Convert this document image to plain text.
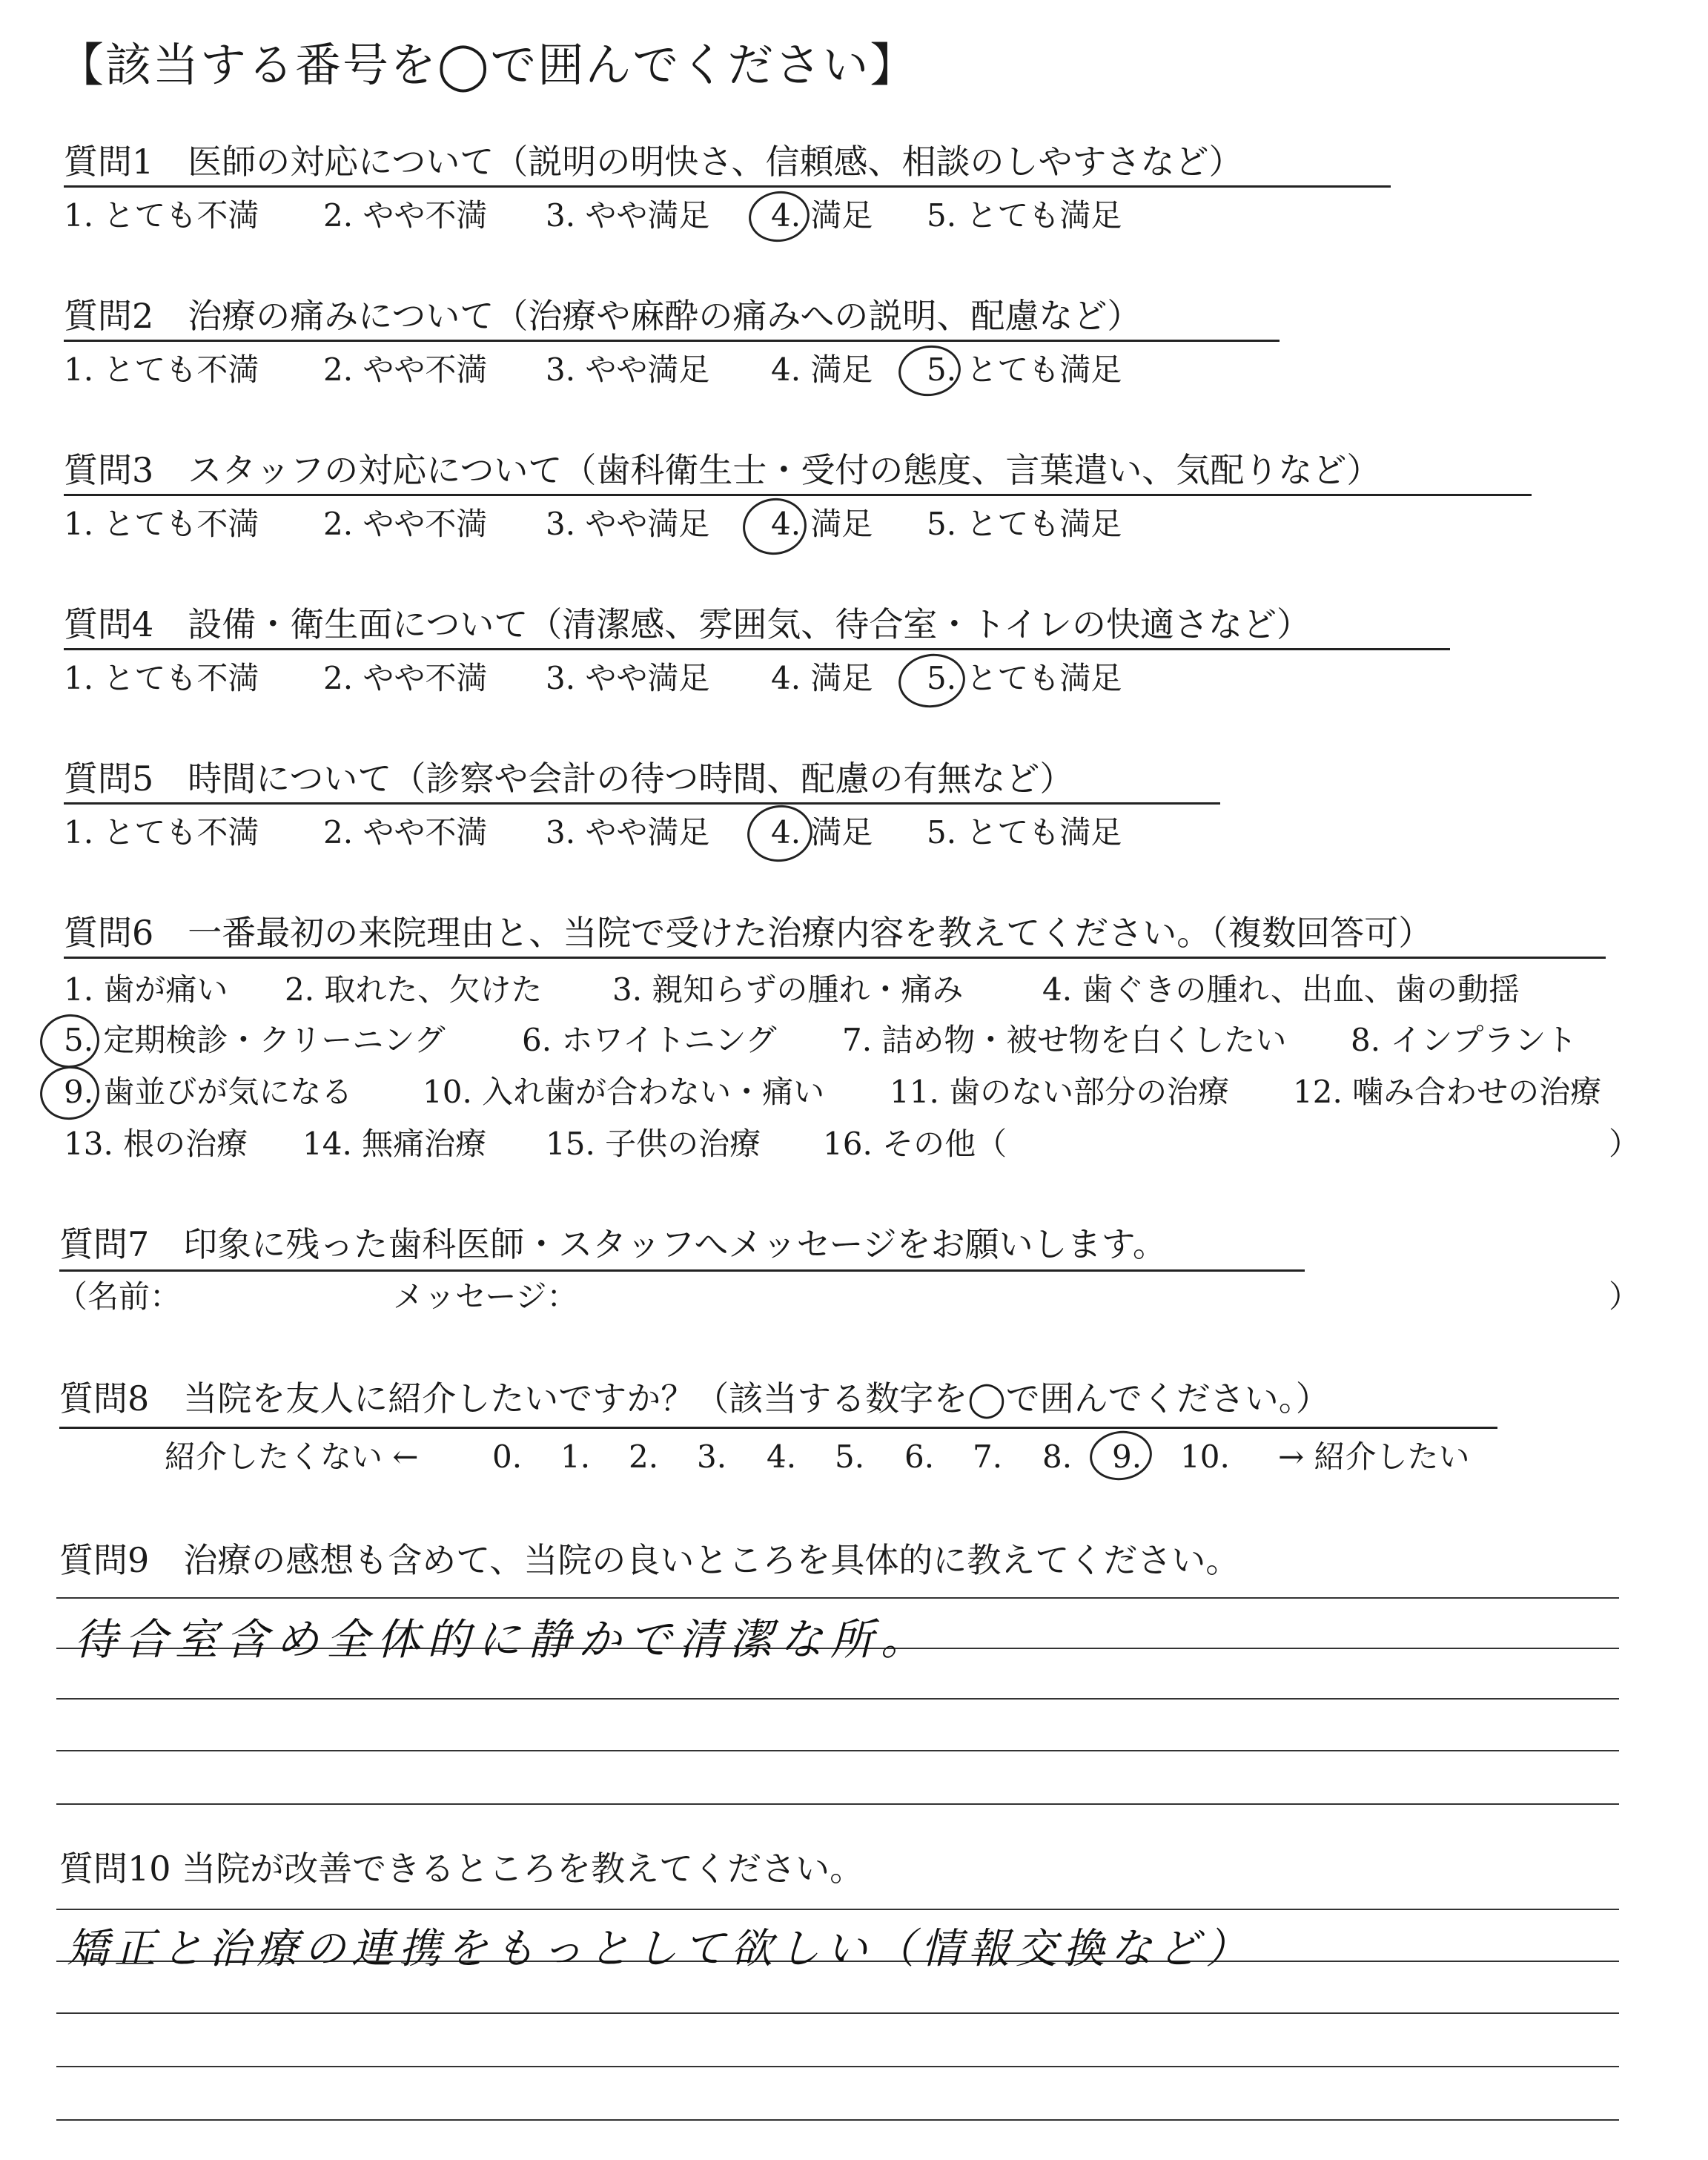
【該当する番号を◯で囲んでください】
質問1　医師の対応について（説明の明快さ、信頼感、相談のしやすさなど）
1. とても不満 2. やや不満 3. やや満足 4. 満足 5. とても満足
質問2　治療の痛みについて（治療や麻酔の痛みへの説明、配慮など）
1. とても不満 2. やや不満 3. やや満足 4. 満足 5. とても満足
質問3　スタッフの対応について（歯科衛生士・受付の態度、言葉遣い、気配りなど）
1. とても不満 2. やや不満 3. やや満足 4. 満足 5. とても満足
質問4　設備・衛生面について（清潔感、雰囲気、待合室・トイレの快適さなど）
1. とても不満 2. やや不満 3. やや満足 4. 満足 5. とても満足
質問5　時間について（診察や会計の待つ時間、配慮の有無など）
1. とても不満 2. やや不満 3. やや満足 4. 満足 5. とても満足
質問6　一番最初の来院理由と、当院で受けた治療内容を教えてください。（複数回答可）
1. 歯が痛い 2. 取れた、欠けた 3. 親知らずの腫れ・痛み	4. 歯ぐきの腫れ、出血、歯の動揺
5. 定期検診・クリーニング 6. ホワイトニング 7. 詰め物・被せ物を白くしたい 8. インプラント
9. 歯並びが気になる 10. 入れ歯が合わない・痛い 11. 歯のない部分の治療 12. 噛み合わせの治療
13. 根の治療 14. 無痛治療 15. 子供の治療 16. その他（	）
質問7　印象に残った歯科医師・スタッフへメッセージをお願いします。
（名前：	メッセージ：	）
質問8　当院を友人に紹介したいですか？（該当する数字を◯で囲んでください。）
紹介したくない ← 0. 1. 2. 3. 4. 5. 6. 7. 8. 9. 10. → 紹介したい
質問9　治療の感想も含めて、当院の良いところを具体的に教えてください。
待合室含め全体的に静かで清潔な所。
質問10 当院が改善できるところを教えてください。
矯正と治療の連携をもっとして欲しい（情報交換など）
